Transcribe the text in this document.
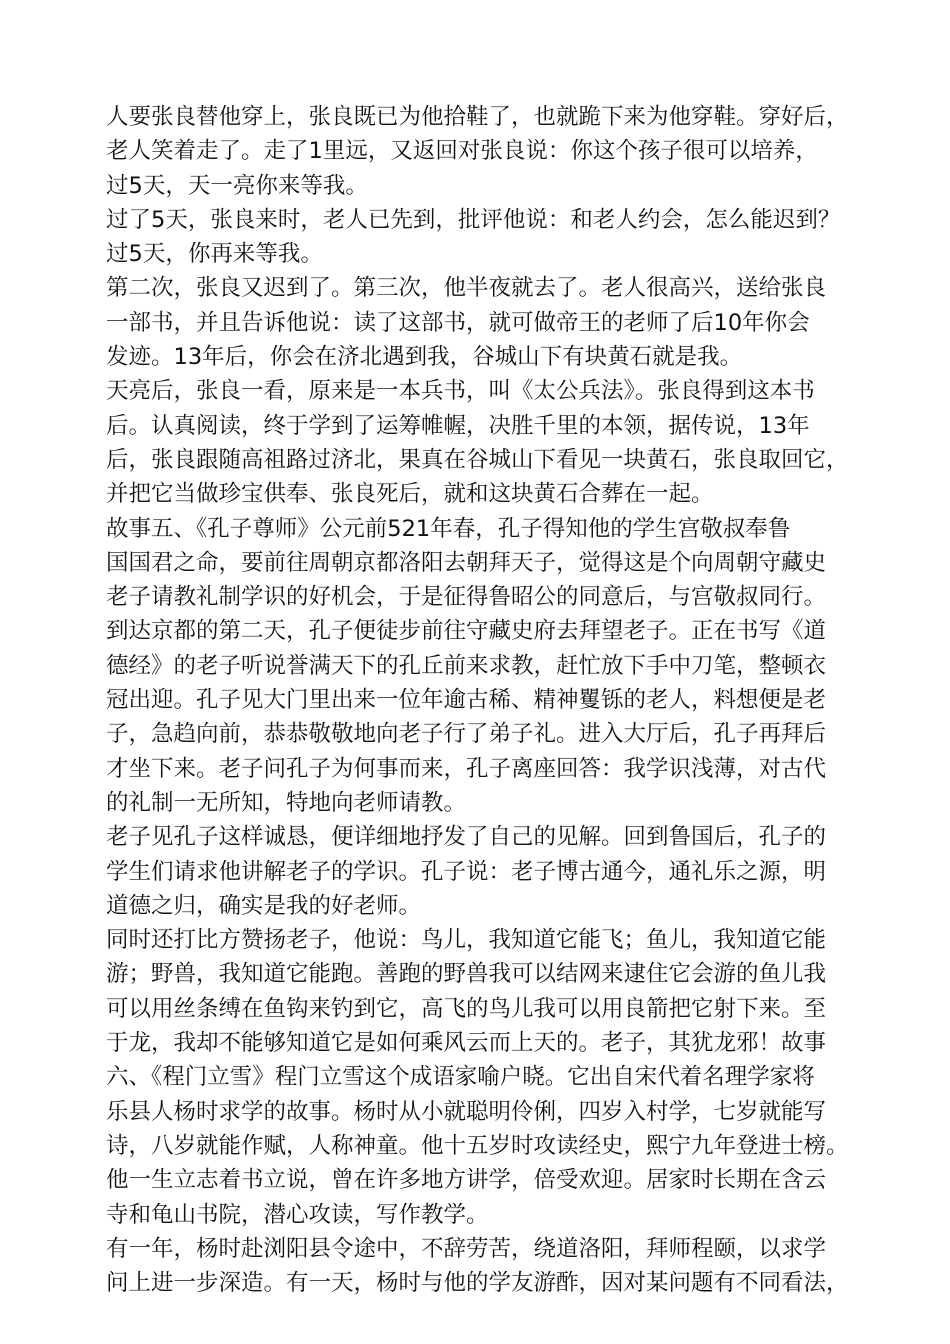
人要张良替他穿上，张良既已为他拾鞋了，也就跪下来为他穿鞋。穿好后，
老人笑着走了。走了1里远，又返回对张良说：你这个孩子很可以培养，
过5天，天一亮你来等我。
过了5天，张良来时，老人已先到，批评他说：和老人约会，怎么能迟到？
过5天，你再来等我。
第二次，张良又迟到了。第三次，他半夜就去了。老人很高兴，送给张良
一部书，并且告诉他说：读了这部书，就可做帝王的老师了后10年你会
发迹。13年后，你会在济北遇到我，谷城山下有块黄石就是我。
天亮后，张良一看，原来是一本兵书，叫《太公兵法》。张良得到这本书
后。认真阅读，终于学到了运筹帷幄，决胜千里的本领，据传说，13年
后，张良跟随高祖路过济北，果真在谷城山下看见一块黄石，张良取回它，
并把它当做珍宝供奉、张良死后，就和这块黄石合葬在一起。
故事五、《孔子尊师》公元前521年春，孔子得知他的学生宫敬叔奉鲁
国国君之命，要前往周朝京都洛阳去朝拜天子，觉得这是个向周朝守藏史
老子请教礼制学识的好机会，于是征得鲁昭公的同意后，与宫敬叔同行。
到达京都的第二天，孔子便徒步前往守藏史府去拜望老子。正在书写《道
德经》的老子听说誉满天下的孔丘前来求教，赶忙放下手中刀笔，整顿衣
冠出迎。孔子见大门里出来一位年逾古稀、精神矍铄的老人，料想便是老
子，急趋向前，恭恭敬敬地向老子行了弟子礼。进入大厅后，孔子再拜后
才坐下来。老子问孔子为何事而来，孔子离座回答：我学识浅薄，对古代
的礼制一无所知，特地向老师请教。
老子见孔子这样诚恳，便详细地抒发了自己的见解。回到鲁国后，孔子的
学生们请求他讲解老子的学识。孔子说：老子博古通今，通礼乐之源，明
道德之归，确实是我的好老师。
同时还打比方赞扬老子，他说：鸟儿，我知道它能飞；鱼儿，我知道它能
游；野兽，我知道它能跑。善跑的野兽我可以结网来逮住它会游的鱼儿我
可以用丝条缚在鱼钩来钓到它，高飞的鸟儿我可以用良箭把它射下来。至
于龙，我却不能够知道它是如何乘风云而上天的。老子，其犹龙邪！故事
六、《程门立雪》程门立雪这个成语家喻户晓。它出自宋代着名理学家将
乐县人杨时求学的故事。杨时从小就聪明伶俐，四岁入村学，七岁就能写
诗，八岁就能作赋，人称神童。他十五岁时攻读经史，熙宁九年登进士榜。
他一生立志着书立说，曾在许多地方讲学，倍受欢迎。居家时长期在含云
寺和龟山书院，潜心攻读，写作教学。
有一年，杨时赴浏阳县令途中，不辞劳苦，绕道洛阳，拜师程颐，以求学
问上进一步深造。有一天，杨时与他的学友游酢，因对某问题有不同看法，
